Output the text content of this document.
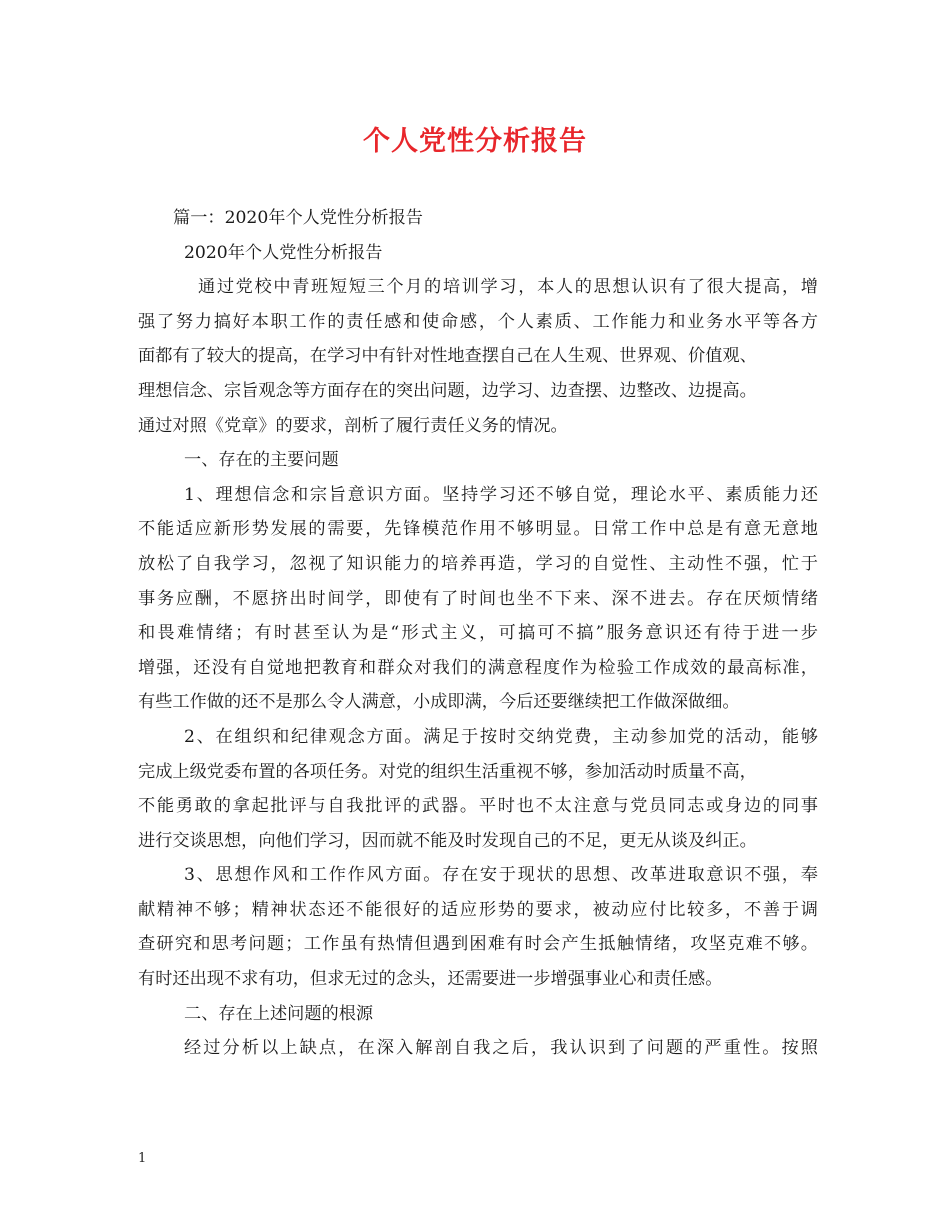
个人党性分析报告
篇一：2020年个人党性分析报告
2020年个人党性分析报告
通过党校中青班短短三个月的培训学习，本人的思想认识有了很大提高，增
强了努力搞好本职工作的责任感和使命感，个人素质、工作能力和业务水平等各方
面都有了较大的提高，在学习中有针对性地查摆自己在人生观、世界观、价值观、
理想信念、宗旨观念等方面存在的突出问题，边学习、边查摆、边整改、边提高。
通过对照《党章》的要求，剖析了履行责任义务的情况。
一、存在的主要问题
1、理想信念和宗旨意识方面。坚持学习还不够自觉，理论水平、素质能力还
不能适应新形势发展的需要，先锋模范作用不够明显。日常工作中总是有意无意地
放松了自我学习，忽视了知识能力的培养再造，学习的自觉性、主动性不强，忙于
事务应酬，不愿挤出时间学，即使有了时间也坐不下来、深不进去。存在厌烦情绪
和畏难情绪；有时甚至认为是“形式主义，可搞可不搞”服务意识还有待于进一步
增强，还没有自觉地把教育和群众对我们的满意程度作为检验工作成效的最高标准，
有些工作做的还不是那么令人满意，小成即满，今后还要继续把工作做深做细。
2、在组织和纪律观念方面。满足于按时交纳党费，主动参加党的活动，能够
完成上级党委布置的各项任务。对党的组织生活重视不够，参加活动时质量不高，
不能勇敢的拿起批评与自我批评的武器。平时也不太注意与党员同志或身边的同事
进行交谈思想，向他们学习，因而就不能及时发现自己的不足，更无从谈及纠正。
3、思想作风和工作作风方面。存在安于现状的思想、改革进取意识不强，奉
献精神不够；精神状态还不能很好的适应形势的要求，被动应付比较多，不善于调
查研究和思考问题；工作虽有热情但遇到困难有时会产生抵触情绪，攻坚克难不够。
有时还出现不求有功，但求无过的念头，还需要进一步增强事业心和责任感。
二、存在上述问题的根源
经过分析以上缺点，在深入解剖自我之后，我认识到了问题的严重性。按照
1
